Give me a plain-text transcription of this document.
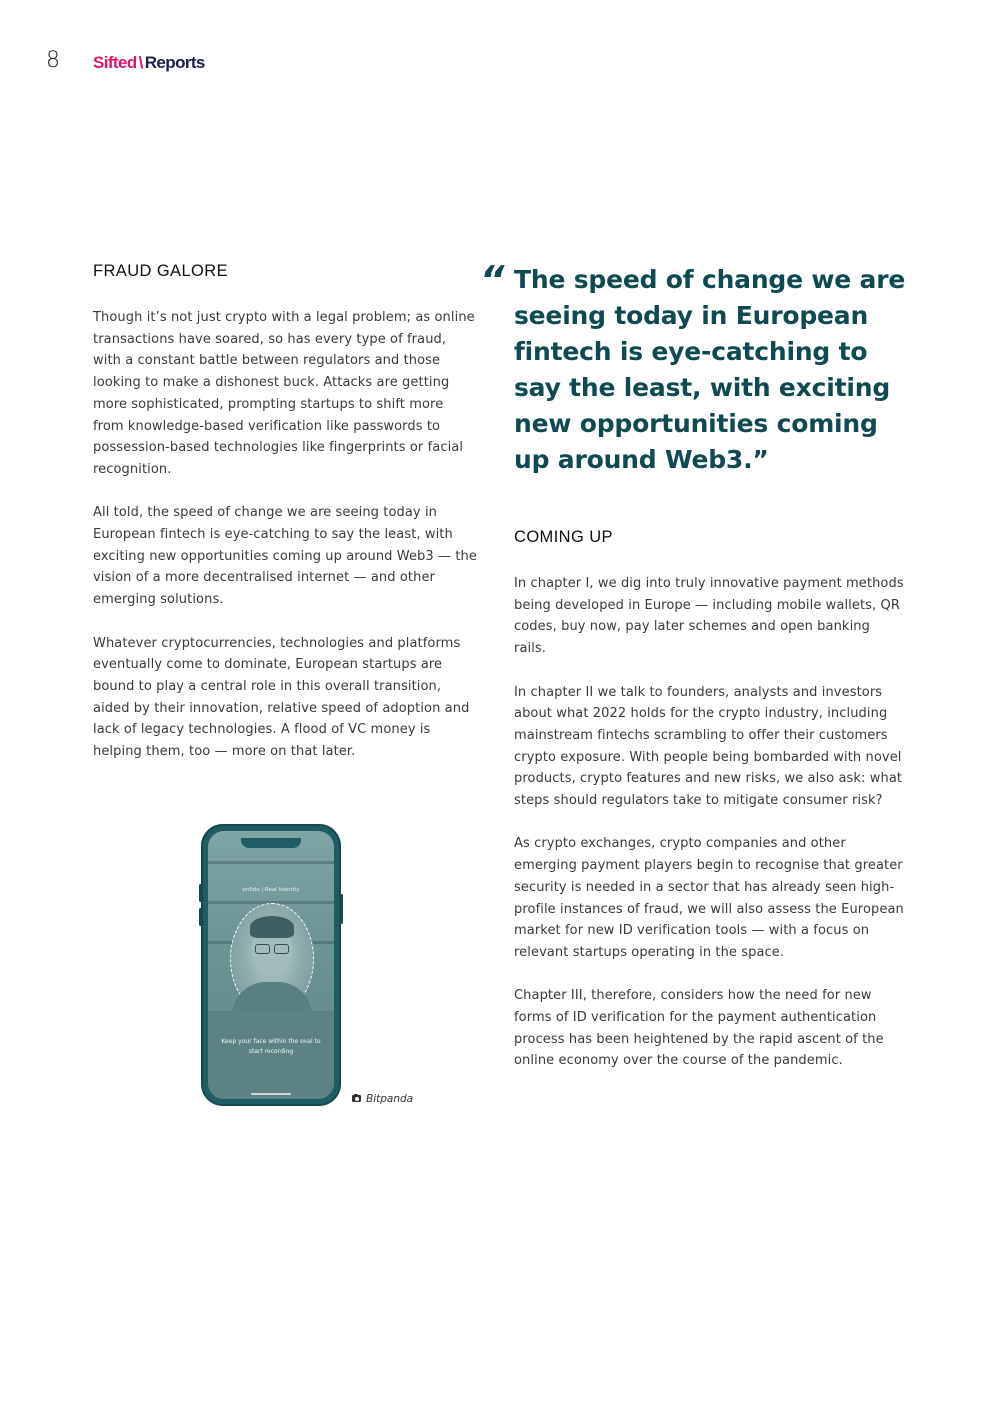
8 Sifted \ Reports
FRAUD GALORE

Though it’s not just crypto with a legal problem; as online transactions have soared, so has every type of fraud, with a constant battle between regulators and those looking to make a dishonest buck. Attacks are getting more sophisticated, prompting startups to shift more from knowledge-based verification like passwords to possession-based technologies like fingerprints or facial recognition.

All told, the speed of change we are seeing today in European fintech is eye-catching to say the least, with exciting new opportunities coming up around Web3 — the vision of a more decentralised internet — and other emerging solutions.

Whatever cryptocurrencies, technologies and platforms eventually come to dominate, European startups are bound to play a central role in this overall transition, aided by their innovation, relative speed of adoption and lack of legacy technologies. A flood of VC money is helping them, too — more on that later.

“ The speed of change we are seeing today in European fintech is eye-catching to say the least, with exciting new opportunities coming up around Web3.”

COMING UP

In chapter I, we dig into truly innovative payment methods being developed in Europe — including mobile wallets, QR codes, buy now, pay later schemes and open banking rails.

In chapter II we talk to founders, analysts and investors about what 2022 holds for the crypto industry, including mainstream fintechs scrambling to offer their customers crypto exposure. With people being bombarded with novel products, crypto features and new risks, we also ask: what steps should regulators take to mitigate consumer risk?

As crypto exchanges, crypto companies and other emerging payment players begin to recognise that greater security is needed in a sector that has already seen high-profile instances of fraud, we will also assess the European market for new ID verification tools — with a focus on relevant startups operating in the space.

Chapter III, therefore, considers how the need for new forms of ID verification for the payment authentication process has been heightened by the rapid ascent of the online economy over the course of the pandemic.

onfido | Real Identity
Keep your face within the oval to start recording
Bitpanda
